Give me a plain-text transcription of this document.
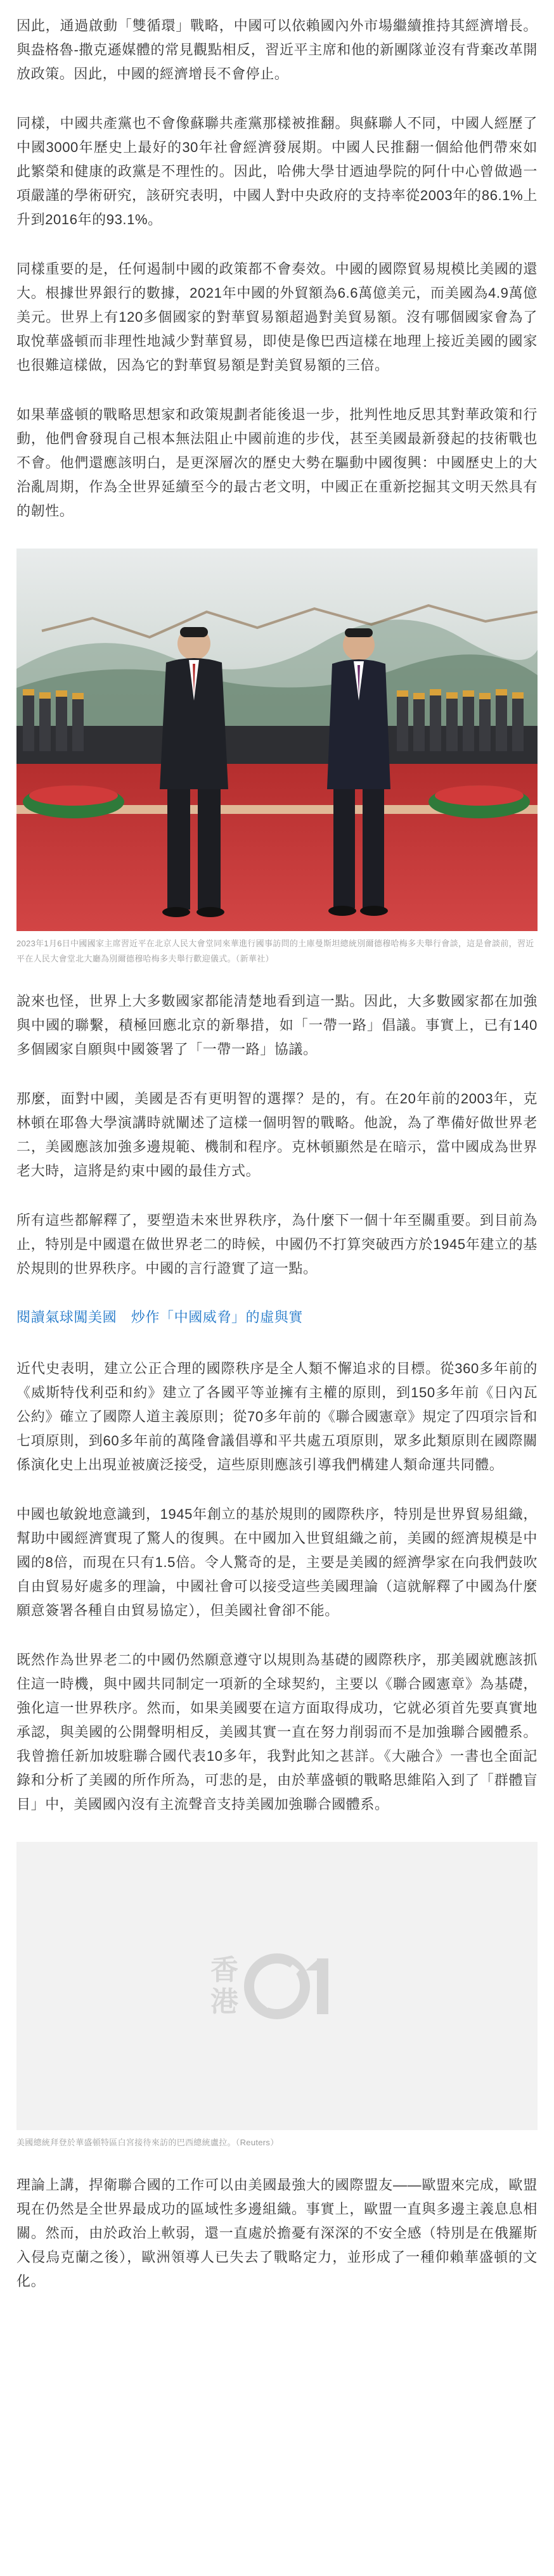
因此，通過啟動「雙循環」戰略，中國可以依賴國內外市場繼續推持其經濟增長。與盎格魯-撒克遜媒體的常見觀點相反，習近平主席和他的新團隊並沒有背棄改革開放政策。因此，中國的經濟增長不會停止。

同樣，中國共產黨也不會像蘇聯共產黨那樣被推翻。與蘇聯人不同，中國人經歷了中國3000年歷史上最好的30年社會經濟發展期。中國人民推翻一個給他們帶來如此繁榮和健康的政黨是不理性的。因此，哈佛大學甘迺迪學院的阿什中心曾做過一項嚴謹的學術研究，該研究表明，中國人對中央政府的支持率從2003年的86.1%上升到2016年的93.1%。

同樣重要的是，任何遏制中國的政策都不會奏效。中國的國際貿易規模比美國的還大。根據世界銀行的數據，2021年中國的外貿額為6.6萬億美元，而美國為4.9萬億美元。世界上有120多個國家的對華貿易額超過對美貿易額。沒有哪個國家會為了取悅華盛頓而非理性地減少對華貿易，即使是像巴西這樣在地理上接近美國的國家也很難這樣做，因為它的對華貿易額是對美貿易額的三倍。

如果華盛頓的戰略思想家和政策規劃者能後退一步，批判性地反思其對華政策和行動，他們會發現自己根本無法阻止中國前進的步伐，甚至美國最新發起的技術戰也不會。他們還應該明白，是更深層次的歷史大勢在驅動中國復興：中國歷史上的大治亂周期，作為全世界延續至今的最古老文明，中國正在重新挖掘其文明天然具有的韌性。

2023年1月6日中國國家主席習近平在北京人民大會堂同來華進行國事訪問的土庫曼斯坦總統別爾德穆哈梅多夫舉行會談，這是會談前，習近平在人民大會堂北大廳為別爾德穆哈梅多夫舉行歡迎儀式。（新華社）

說來也怪，世界上大多數國家都能清楚地看到這一點。因此，大多數國家都在加強與中國的聯繫，積極回應北京的新舉措，如「一帶一路」倡議。事實上，已有140多個國家自願與中國簽署了「一帶一路」協議。

那麼，面對中國，美國是否有更明智的選擇？是的，有。在20年前的2003年，克林頓在耶魯大學演講時就闡述了這樣一個明智的戰略。他說，為了準備好做世界老二，美國應該加強多邊規範、機制和程序。克林頓顯然是在暗示，當中國成為世界老大時，這將是約束中國的最佳方式。

所有這些都解釋了，要塑造未來世界秩序，為什麼下一個十年至關重要。到目前為止，特別是中國還在做世界老二的時候，中國仍不打算突破西方於1945年建立的基於規則的世界秩序。中國的言行證實了這一點。

閱讀氣球闖美國　炒作「中國威脅」的虛與實

近代史表明，建立公正合理的國際秩序是全人類不懈追求的目標。從360多年前的《威斯特伐利亞和約》建立了各國平等並擁有主權的原則，到150多年前《日內瓦公約》確立了國際人道主義原則；從70多年前的《聯合國憲章》規定了四項宗旨和七項原則，到60多年前的萬隆會議倡導和平共處五項原則，眾多此類原則在國際關係演化史上出現並被廣泛接受，這些原則應該引導我們構建人類命運共同體。

中國也敏銳地意識到，1945年創立的基於規則的國際秩序，特別是世界貿易組織，幫助中國經濟實現了驚人的復興。在中國加入世貿組織之前，美國的經濟規模是中國的8倍，而現在只有1.5倍。令人驚奇的是，主要是美國的經濟學家在向我們鼓吹自由貿易好處多的理論，中國社會可以接受這些美國理論（這就解釋了中國為什麼願意簽署各種自由貿易協定），但美國社會卻不能。

既然作為世界老二的中國仍然願意遵守以規則為基礎的國際秩序，那美國就應該抓住這一時機，與中國共同制定一項新的全球契約，主要以《聯合國憲章》為基礎，強化這一世界秩序。然而，如果美國要在這方面取得成功，它就必須首先要真實地承認，與美國的公開聲明相反，美國其實一直在努力削弱而不是加強聯合國體系。我曾擔任新加坡駐聯合國代表10多年，我對此知之甚詳。《大融合》一書也全面記錄和分析了美國的所作所為，可悲的是，由於華盛頓的戰略思維陷入到了「群體盲目」中，美國國內沒有主流聲音支持美國加強聯合國體系。

香
港

美國總統拜登於華盛頓特區白宮接待來訪的巴西總統盧拉。（Reuters）

理論上講，捍衛聯合國的工作可以由美國最強大的國際盟友——歐盟來完成，歐盟現在仍然是全世界最成功的區域性多邊組織。事實上，歐盟一直與多邊主義息息相關。然而，由於政治上軟弱，還一直處於擔憂有深深的不安全感（特別是在俄羅斯入侵烏克蘭之後），歐洲領導人已失去了戰略定力，並形成了一種仰賴華盛頓的文化。
